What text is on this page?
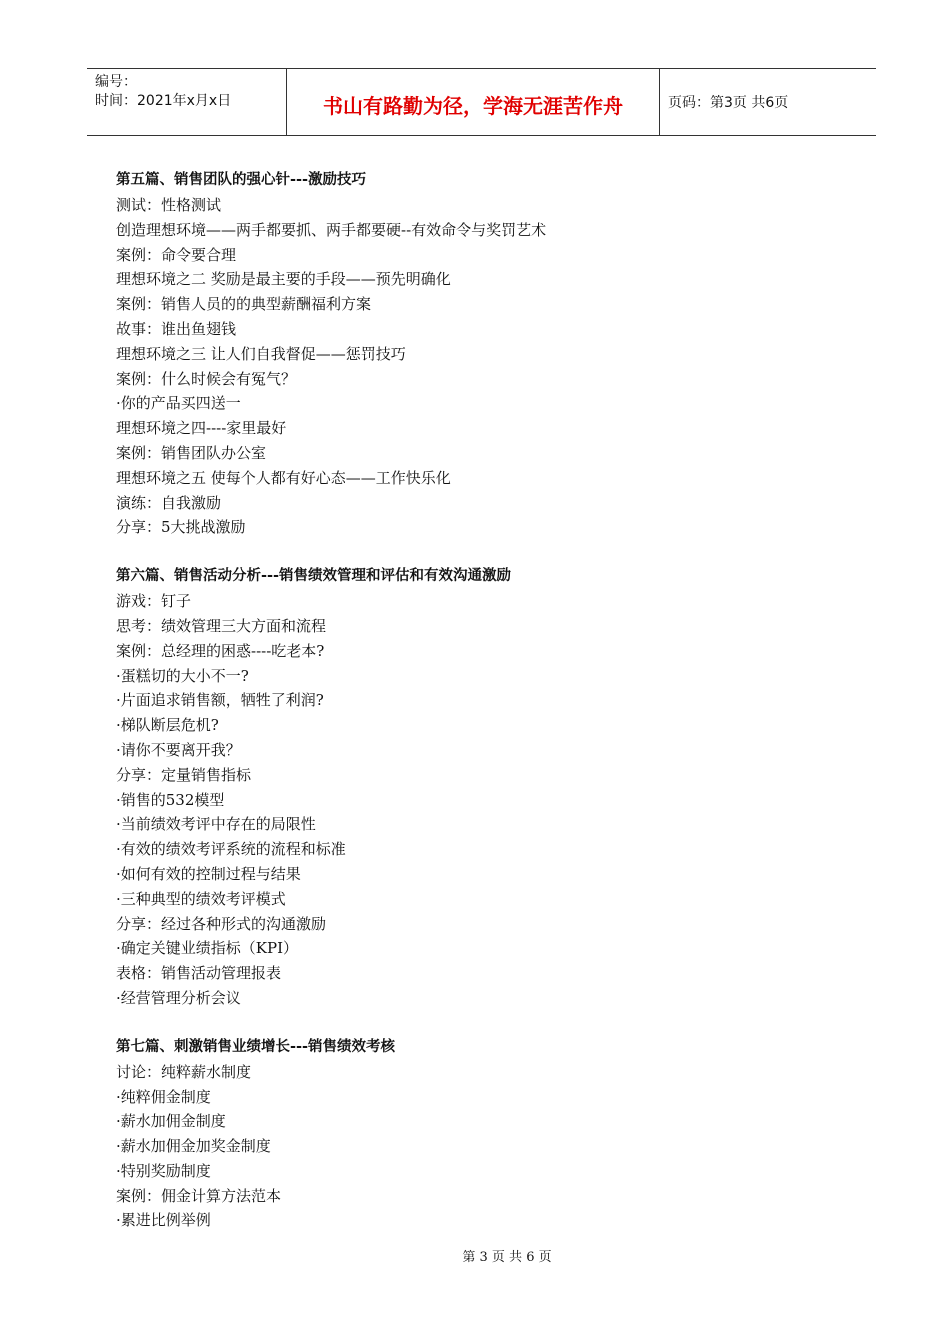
编号：
时间：2021年x月x日	书山有路勤为径，学海无涯苦作舟	页码：第3页 共6页
第五篇、销售团队的强心针---激励技巧
测试：性格测试
创造理想环境——两手都要抓、两手都要硬--有效命令与奖罚艺术
案例：命令要合理
理想环境之二 奖励是最主要的手段——预先明确化
案例：销售人员的的典型薪酬福利方案
故事：谁出鱼翅钱
理想环境之三 让人们自我督促——惩罚技巧
案例：什么时候会有冤气？
·你的产品买四送一
理想环境之四----家里最好
案例：销售团队办公室
理想环境之五 使每个人都有好心态——工作快乐化
演练：自我激励
分享：5大挑战激励
第六篇、销售活动分析---销售绩效管理和评估和有效沟通激励
游戏：钉子
思考：绩效管理三大方面和流程
案例：总经理的困惑----吃老本?
·蛋糕切的大小不一?
·片面追求销售额，牺牲了利润?
·梯队断层危机?
·请你不要离开我？
分享：定量销售指标
·销售的532模型
·当前绩效考评中存在的局限性
·有效的绩效考评系统的流程和标准
·如何有效的控制过程与结果
·三种典型的绩效考评模式
分享：经过各种形式的沟通激励
·确定关键业绩指标（KPI）
表格：销售活动管理报表
·经营管理分析会议
第七篇、刺激销售业绩增长---销售绩效考核
讨论：纯粹薪水制度
·纯粹佣金制度
·薪水加佣金制度
·薪水加佣金加奖金制度
·特别奖励制度
案例：佣金计算方法范本
·累进比例举例
第 3 页 共 6 页
